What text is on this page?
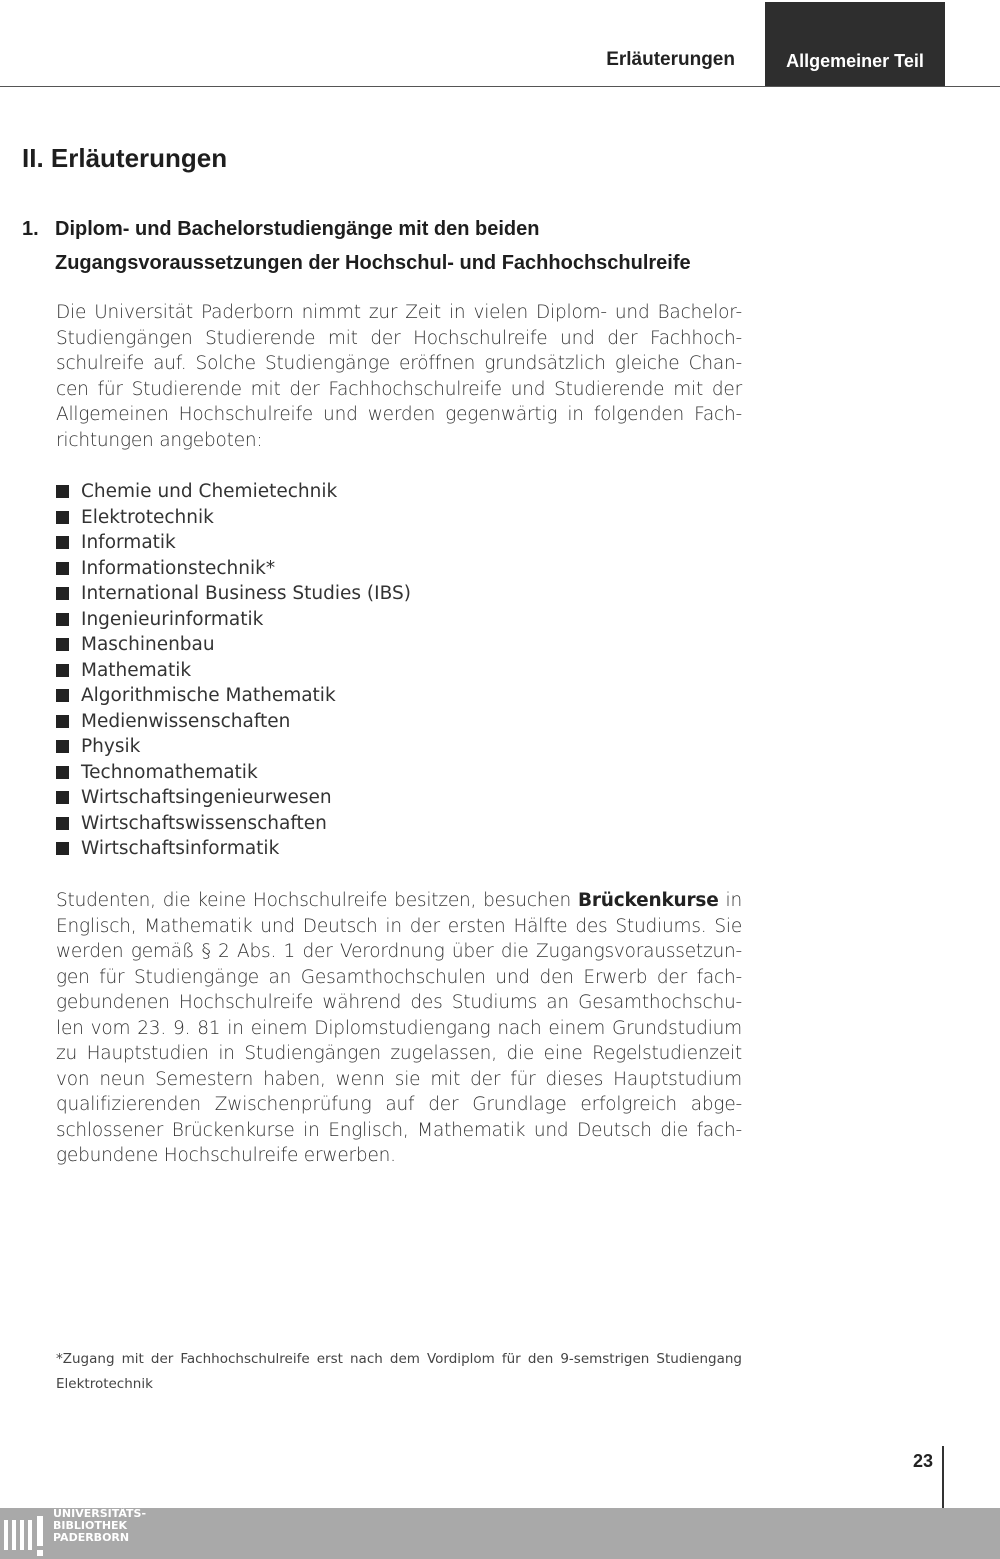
Erläuterungen	Allgemeiner Teil
II. Erläuterungen
1. Diplom- und Bachelorstudiengänge mit den beiden
Zugangsvoraussetzungen der Hochschul- und Fachhochschulreife

Die Universität Paderborn nimmt zur Zeit in vielen Diplom- und Bachelor-Studiengängen Studierende mit der Hochschulreife und der Fachhoch-schulreife auf. Solche Studiengänge eröffnen grundsätzlich gleiche Chan-cen für Studierende mit der Fachhochschulreife und Studierende mit der Allgemeinen Hochschulreife und werden gegenwärtig in folgenden Fach-richtungen angeboten:

Chemie und Chemietechnik
Elektrotechnik
Informatik
Informationstechnik*
International Business Studies (IBS)
Ingenieurinformatik
Maschinenbau
Mathematik
Algorithmische Mathematik
Medienwissenschaften
Physik
Technomathematik
Wirtschaftsingenieurwesen
Wirtschaftswissenschaften
Wirtschaftsinformatik

Studenten, die keine Hochschulreife besitzen, besuchen Brückenkurse in Englisch, Mathematik und Deutsch in der ersten Hälfte des Studiums. Sie werden gemäß § 2 Abs. 1 der Verordnung über die Zugangsvoraussetzun-gen für Studiengänge an Gesamthochschulen und den Erwerb der fach-gebundenen Hochschulreife während des Studiums an Gesamthochschu-len vom 23. 9. 81 in einem Diplomstudiengang nach einem Grundstudium zu Hauptstudien in Studiengängen zugelassen, die eine Regelstudienzeit von neun Semestern haben, wenn sie mit der für dieses Hauptstudium qualifizierenden Zwischenprüfung auf der Grundlage erfolgreich abge-schlossener Brückenkurse in Englisch, Mathematik und Deutsch die fach-gebundene Hochschulreife erwerben.

*Zugang mit der Fachhochschulreife erst nach dem Vordiplom für den 9-semstrigen Studiengang Elektrotechnik

23
UNIVERSITÄTS-
BIBLIOTHEK
PADERBORN
